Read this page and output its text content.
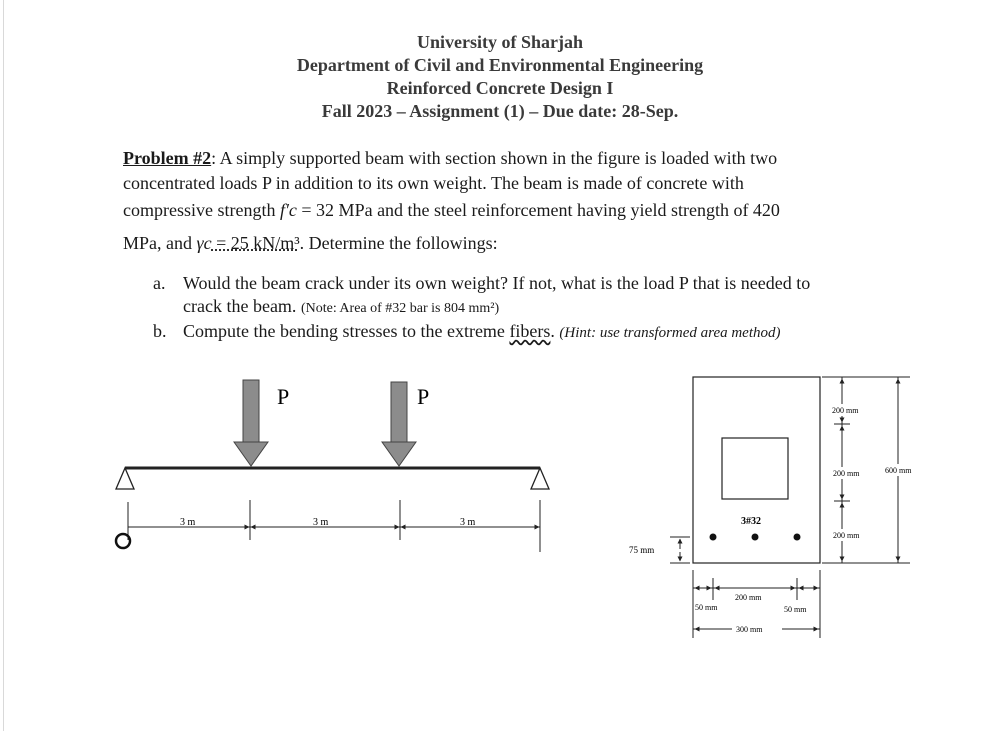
University of Sharjah
Department of Civil and Environmental Engineering
Reinforced Concrete Design I
Fall 2023 – Assignment (1) – Due date: 28-Sep.

Problem #2: A simply supported beam with section shown in the figure is loaded with two

concentrated loads P in addition to its own weight. The beam is made of concrete with

compressive strength f′c = 32 MPa and the steel reinforcement having yield strength of 420

MPa, and γc = 25 kN/m³. Determine the followings:

a. Would the beam crack under its own weight? If not, what is the load P that is needed to
crack the beam. (Note: Area of #32 bar is 804 mm²)
b. Compute the bending stresses to the extreme fibers. (Hint: use transformed area method)
P	P
3 m	3 m	3 m	3#32
200 mm
200 mm
200 mm
600 mm
75 mm
200 mm
50 mm	50 mm
300 mm
